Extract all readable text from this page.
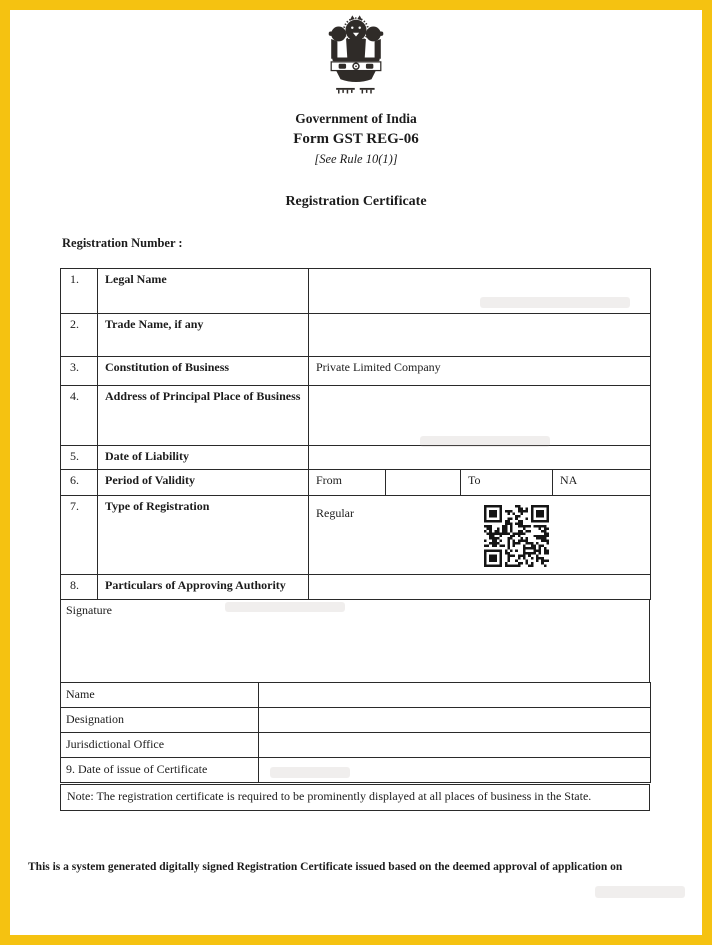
Government of India
Form GST REG-06
[See Rule 10(1)]
Registration Certificate
Registration Number :
1.	Legal Name				
2.	Trade Name, if any				
3.	Constitution of Business	Private Limited Company			
4.	Address of Principal Place of Business				
5.	Date of Liability				
6.	Period of Validity	From		To	NA
7.	Type of Registration	Regular			

8.	Particulars of Approving Authority				
Signature
Name	
Designation	
Jurisdictional Office	
9. Date of issue of Certificate	
Note: The registration certificate is required to be prominently displayed at all places of business in the State.
This is a system generated digitally signed Registration Certificate issued based on the deemed approval of application on
